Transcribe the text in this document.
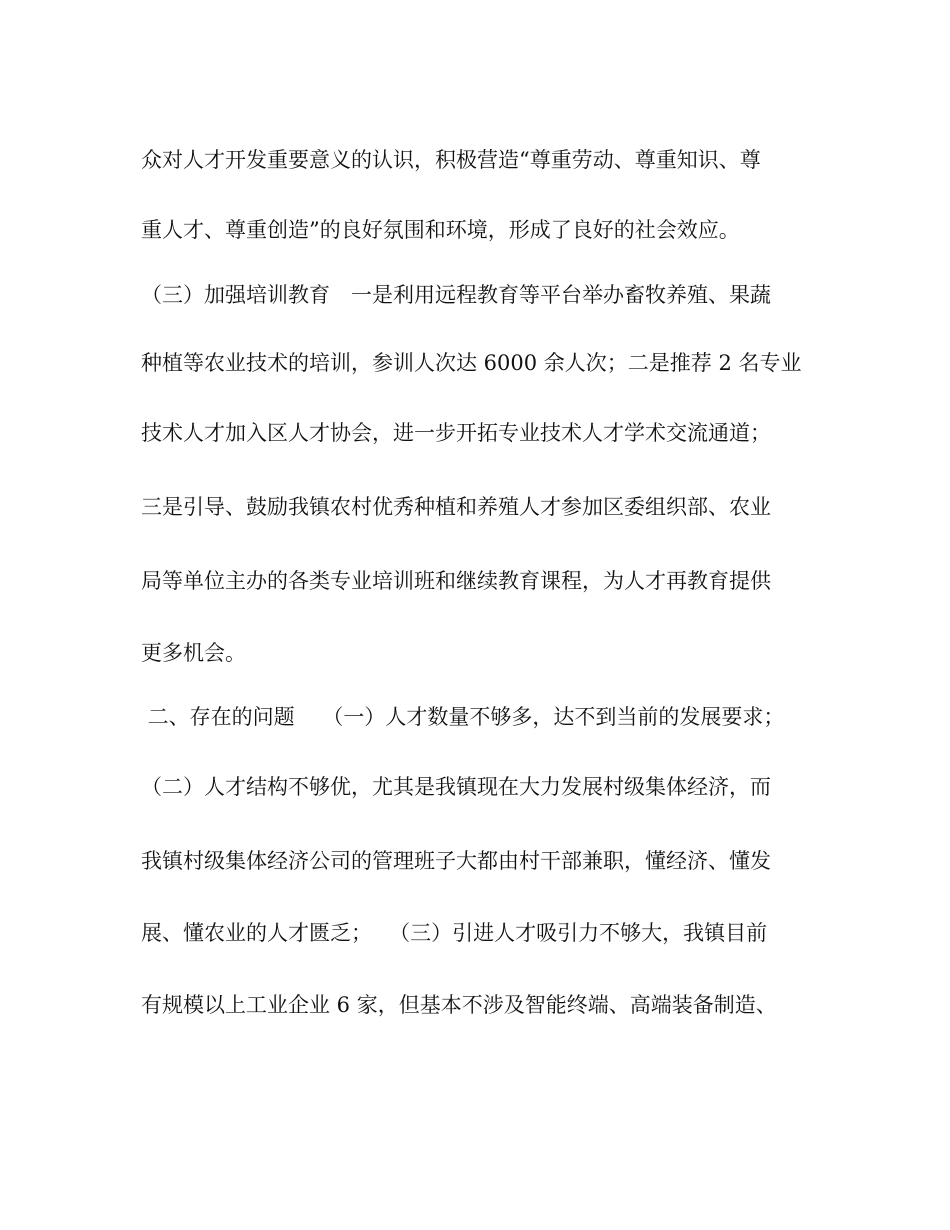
众对人才开发重要意义的认识，积极营造“尊重劳动、尊重知识、尊

重人才、尊重创造”的良好氛围和环境，形成了良好的社会效应。

（三）加强培训教育　一是利用远程教育等平台举办畜牧养殖、果蔬

种植等农业技术的培训，参训人次达 6000 余人次；二是推荐 2 名专业

技术人才加入区人才协会，进一步开拓专业技术人才学术交流通道；

三是引导、鼓励我镇农村优秀种植和养殖人才参加区委组织部、农业

局等单位主办的各类专业培训班和继续教育课程，为人才再教育提供

更多机会。

二、存在的问题　 （一）人才数量不够多，达不到当前的发展要求；

（二）人才结构不够优，尤其是我镇现在大力发展村级集体经济，而

我镇村级集体经济公司的管理班子大都由村干部兼职，懂经济、懂发

展、懂农业的人才匮乏；　 （三）引进人才吸引力不够大，我镇目前

有规模以上工业企业 6 家，但基本不涉及智能终端、高端装备制造、
